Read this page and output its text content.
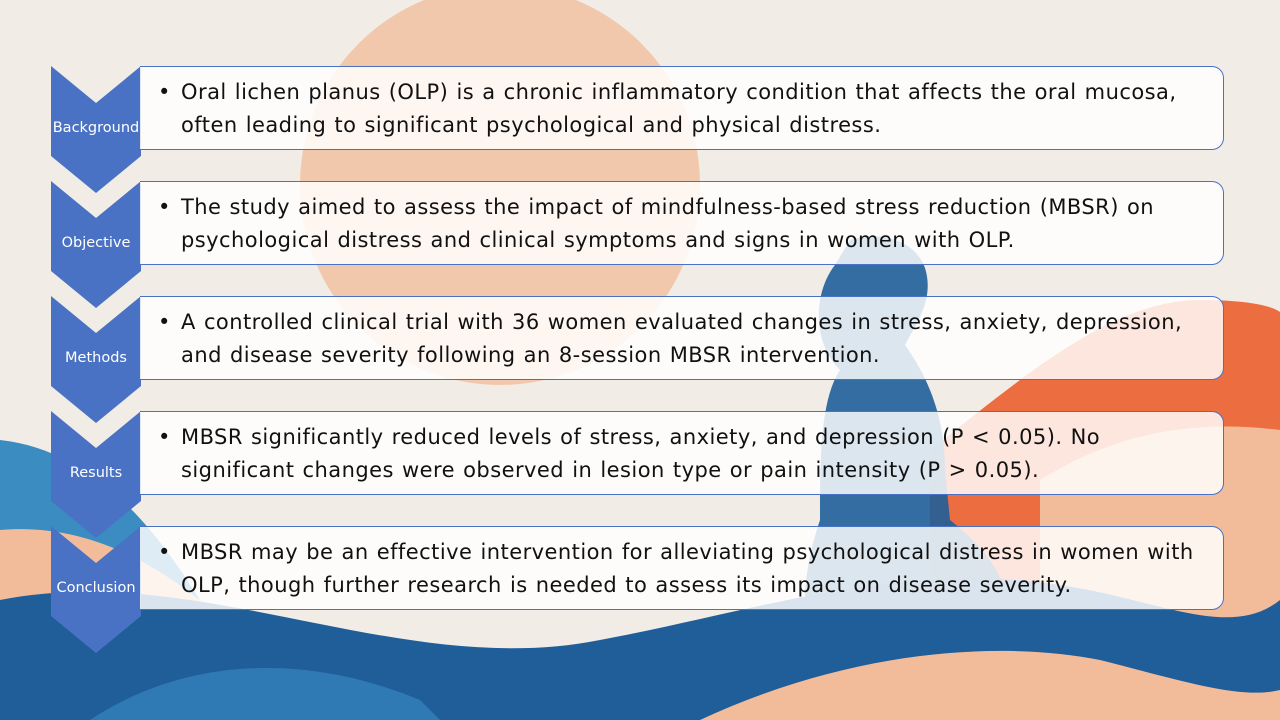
Background
• Oral lichen planus (OLP) is a chronic inflammatory condition that affects the oral mucosa, often leading to significant psychological and physical distress.
Objective
• The study aimed to assess the impact of mindfulness-based stress reduction (MBSR) on psychological distress and clinical symptoms and signs in women with OLP.
Methods
• A controlled clinical trial with 36 women evaluated changes in stress, anxiety, depression, and disease severity following an 8-session MBSR intervention.
Results
• MBSR significantly reduced levels of stress, anxiety, and depression (P < 0.05). No significant changes were observed in lesion type or pain intensity (P > 0.05).
Conclusion
• MBSR may be an effective intervention for alleviating psychological distress in women with OLP, though further research is needed to assess its impact on disease severity.
